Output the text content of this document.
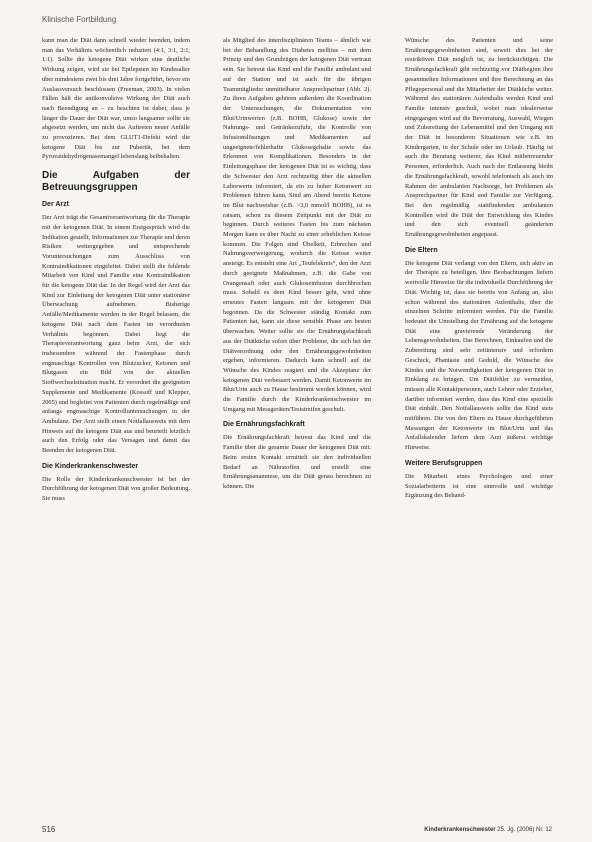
Klinische Fortbildung

kann man die Diät dann schnell wieder beenden, indem man das Verhältnis wöchentlich reduziert (4:1, 3:1, 2:1, 1:1). Sollte die ketogene Diät wirken eine deutliche Wirkung zeigen, wird sie bei Epilepsien im Kindesalter über mindestens zwei bis drei Jahre fortgeführt, bevor ein Auslassversuch beschlossen (Freeman, 2003). In vielen Fällen hält die antikonvulsive Wirkung der Diät auch nach Beendigung an – zu beachten ist dabei, dass je länger die Dauer der Diät war, umso langsamer sollte sie abgesetzt werden, um nicht das Auftreten neuer Anfälle zu provozieren. Bei dem GLUT1-Defekt wird die ketogene Diät bis zur Pubertät, bei dem Pyruvatdehydrogenasemangel lebenslang beibehalten.

Die Aufgaben der Betreuungsgruppen
Der Arzt

Der Arzt trägt die Gesamtverantwortung für die Therapie mit der ketogenen Diät. In einem Erstgespräch wird die Indikation gestellt, Informationen zur Therapie und deren Risiken weitergegeben und entsprechende Voruntersuchungen zum Ausschluss von Kontraindikationen eingeleitet. Dabei stellt die fehlende Mitarbeit von Kind und Familie eine Kontraindikation für die ketogene Diät dar. In der Regel wird der Arzt das Kind zur Einleitung der ketogenen Diät unter stationärer Überwachung aufnehmen. Bisherige Anfälle/Medikamente werden in der Regel belassen, die ketogene Diät nach dem Fasten im verordneten Verhältnis begonnen. Dabei liegt die Therapieverantwortung ganz beim Arzt, der sich insbesondere während der Fastenphase durch engmaschige Kontrollen von Blutzucker, Ketonen und Blutgasen ein Bild von der aktuellen Stoffwechselsituation macht. Er verordnet die geeigneten Supplemente und Medikamente (Kossoff und Klepper, 2005) und begleitet von Patienten durch regelmäßige und anfangs engmaschige Kontrolluntersuchungen in der Ambulanz. Der Arzt stellt einen Notfallausweis mit dem Hinweis auf die ketogene Diät aus und beurteilt letztlich auch den Erfolg oder das Versagen und damit das Beenden der ketogenen Diät.

Die Kinderkrankenschwester

Die Rolle der Kinderkrankenschwester ist bei der Durchführung der ketogenen Diät von großer Bedeutung. Sie muss

als Mitglied des interdisziplinären Teams – ähnlich wie bei der Behandlung des Diabetes mellitus – mit dem Prinzip und den Grundzügen der ketogenen Diät vertraut sein. Sie betreut das Kind und die Familie ambulant und auf der Station und ist auch für die übrigen Teammitglieder unmittelbarer Ansprechpartner (Abb. 2). Zu ihren Aufgaben gehören außerdem die Koordination der Untersuchungen, die Dokumentation von Blut/Urinwerten (z.B. BOHB, Glukose) sowie der Nahrungs- und Getränkezufuhr, die Kontrolle von Infusionslösungen und Medikamenten auf ungeeignete/fehlerhafte Glukosegehalte sowie das Erkennen von Komplikationen. Besonders in der Einleitungsphase der ketogenen Diät ist es wichtig, dass die Schwester den Arzt rechtzeitig über die aktuellen Laborwerte informiert, da ein zu hoher Ketonwert zu Problemen führen kann. Sind am Abend bereits Ketone im Blut nachweisbar (z.B. >3,0 mmol/l BOHB), ist es ratsam, schon zu diesem Zeitpunkt mit der Diät zu beginnen. Durch weiteres Fasten bis zum nächsten Morgen kann es über Nacht zu einer erheblichen Ketose kommen. Die Folgen sind Übelkeit, Erbrechen und Nahrungsverweigerung, wodurch die Ketose weiter ansteigt. Es entsteht eine Art „Teufelskreis“, den der Arzt durch geeignete Maßnahmen, z.B. die Gabe von Orangensaft oder auch Glukoseinfusion durchbrechen muss. Sobald es dem Kind besser geht, wird ohne erneutes Fasten langsam mit der ketogenen Diät begonnen. Da die Schwester ständig Kontakt zum Patienten hat, kann sie diese sensible Phase am besten überwachen. Weiter sollte sie die Ernährungsfachkraft aus der Diätküche sofort über Probleme, die sich bei der Diätverordnung oder den Ernährungsgewohnheiten ergeben, informieren. Dadurch kann schnell auf die Wünsche des Kindes reagiert und die Akzeptanz der ketogenen Diät verbessert werden. Damit Ketonwerte im Blut/Urin auch zu Hause bestimmt werden können, wird die Familie durch die Kinderkrankenschwester im Umgang mit Messgeräten/Teststreifen geschult.

Die Ernährungsfachkraft

Die Ernährungsfachkraft betreut das Kind und die Familie über die gesamte Dauer der ketogenen Diät mit. Beim ersten Kontakt ermittelt sie den individuellen Bedarf an Nährstoffen und erstellt eine Ernährungsanamnese, um die Diät genau berechnen zu können. Die

Wünsche des Patienten und seine Ernährungsgewohnheiten sind, soweit dies bei der restriktiven Diät möglich ist, zu berücksichtigen. Die Ernährungsfachkraft gibt rechtzeitig vor Diätbeginn ihre gesammelten Informationen und ihre Berechnung an das Pflegepersonal und die Mitarbeiter der Diätküche weiter. Während des stationären Aufenthalts werden Kind und Familie intensiv geschult, wobei man idealerweise eingegangen wird auf die Bevorratung, Auswahl, Wiegen und Zubereitung der Lebensmittel und den Umgang mit der Diät in besonderen Situationen wie z.B. im Kindergarten, in der Schule oder im Urlaub. Häufig ist auch die Beratung weiterer, das Kind mitbetreuender Personen, erforderlich. Auch nach der Entlassung bleibt die Ernährungsfachkraft, sowohl telefonisch als auch im Rahmen der ambulanten Nachsorge, bei Problemen als Ansprechpartner für Kind und Familie zur Verfügung. Bei den regelmäßig stattfindenden ambulanten Kontrollen wird die Diät der Entwicklung des Kindes und den sich eventuell geänderten Ernährungsgewohnheiten angepasst.

Die Eltern

Die ketogene Diät verlangt von den Eltern, sich aktiv an der Therapie zu beteiligen. Ihre Beobachtungen liefern wertvolle Hinweise für die individuelle Durchführung der Diät. Wichtig ist, dass sie bereits von Anfang an, also schon während des stationären Aufenthalts, über die einzelnen Schritte informiert werden. Für die Familie bedeutet die Umstellung der Ernährung auf die ketogene Diät eine gravierende Veränderung der Lebensgewohnheiten. Das Berechnen, Einkaufen und die Zubereitung sind sehr zeitintensiv und erfordern Geschick, Phantasie und Geduld, die Wünsche des Kindes und die Notwendigkeiten der ketogenen Diät in Einklang zu bringen. Um Diätfehler zu vermeiden, müssen alle Kontaktpersonen, auch Lehrer oder Erzieher, darüber informiert werden, dass das Kind eine spezielle Diät einhält. Den Notfallausweis sollte das Kind stets mitführen. Die von den Eltern zu Hause durchgeführten Messungen der Ketonwerte im Blut/Urin und das Anfallskalender liefern dem Arzt äußerst wichtige Hinweise.

Weitere Berufsgruppen

Die Mitarbeit eines Psychologen und einer Sozialarbeiterin ist eine sinnvolle und wichtige Ergänzung des Behand-

516	Kinderkrankenschwester 25. Jg. (2006) Nr. 12
